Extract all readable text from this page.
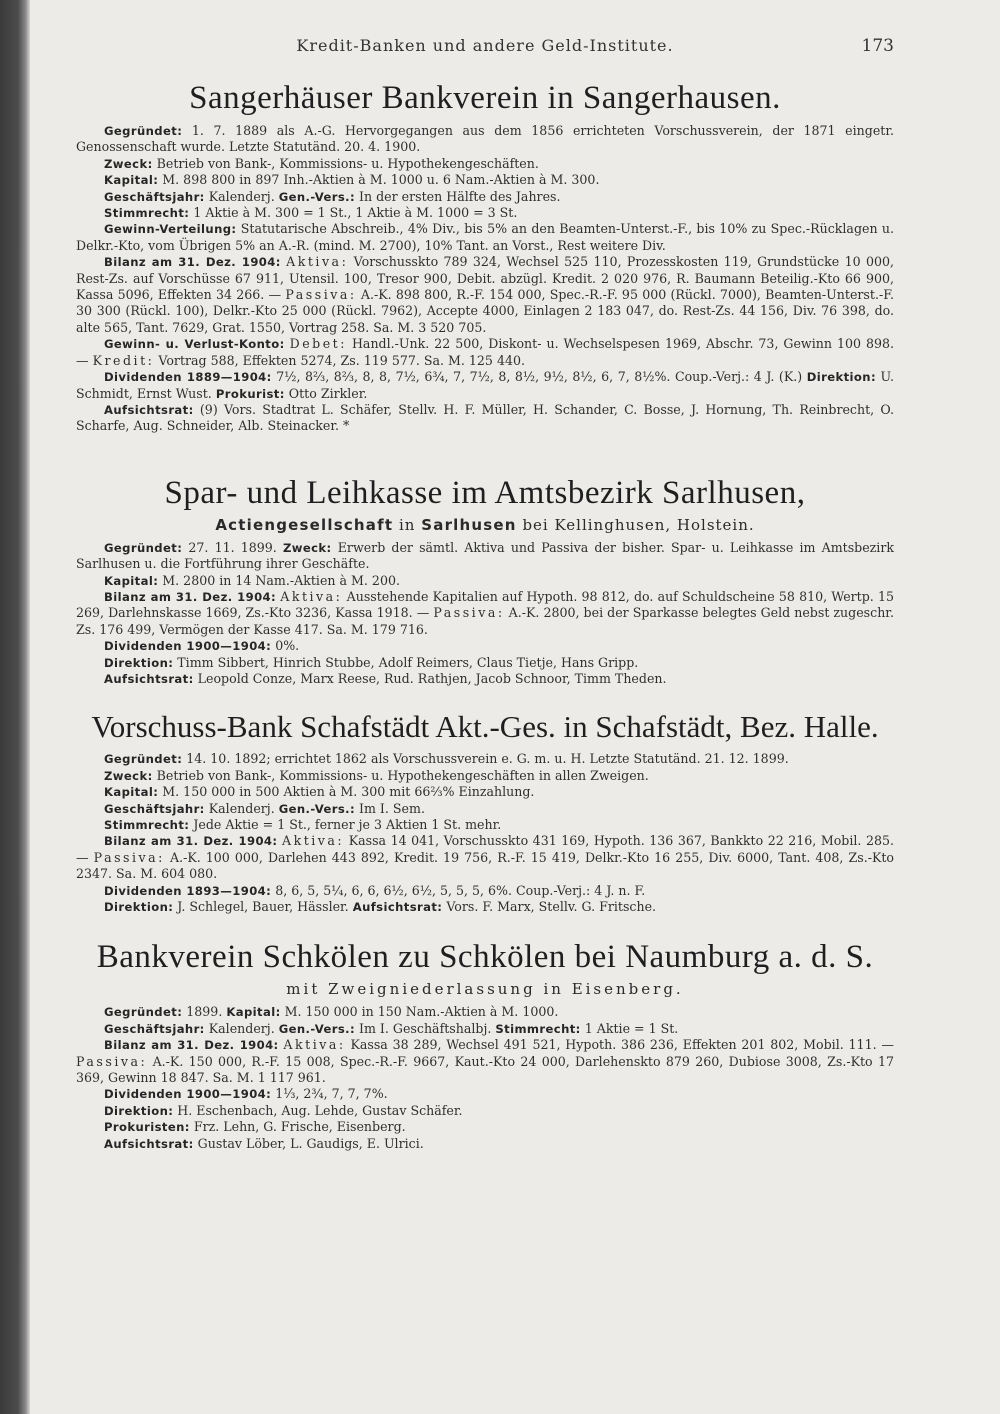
Kredit-Banken und andere Geld-Institute.	173
Sangerhäuser Bankverein in Sangerhausen.

Gegründet: 1. 7. 1889 als A.-G. Hervorgegangen aus dem 1856 errichteten Vorschussverein, der 1871 eingetr. Genossenschaft wurde. Letzte Statutänd. 20. 4. 1900.

Zweck: Betrieb von Bank-, Kommissions- u. Hypothekengeschäften.

Kapital: M. 898 800 in 897 Inh.-Aktien à M. 1000 u. 6 Nam.-Aktien à M. 300.

Geschäftsjahr: Kalenderj. Gen.-Vers.: In der ersten Hälfte des Jahres.

Stimmrecht: 1 Aktie à M. 300 = 1 St., 1 Aktie à M. 1000 = 3 St.

Gewinn-Verteilung: Statutarische Abschreib., 4% Div., bis 5% an den Beamten-Unterst.-F., bis 10% zu Spec.-Rücklagen u. Delkr.-Kto, vom Übrigen 5% an A.-R. (mind. M. 2700), 10% Tant. an Vorst., Rest weitere Div.

Bilanz am 31. Dez. 1904: Aktiva: Vorschusskto 789 324, Wechsel 525 110, Prozesskosten 119, Grundstücke 10 000, Rest-Zs. auf Vorschüsse 67 911, Utensil. 100, Tresor 900, Debit. abzügl. Kredit. 2 020 976, R. Baumann Beteilig.-Kto 66 900, Kassa 5096, Effekten 34 266. — Passiva: A.-K. 898 800, R.-F. 154 000, Spec.-R.-F. 95 000 (Rückl. 7000), Beamten-Unterst.-F. 30 300 (Rückl. 100), Delkr.-Kto 25 000 (Rückl. 7962), Accepte 4000, Einlagen 2 183 047, do. Rest-Zs. 44 156, Div. 76 398, do. alte 565, Tant. 7629, Grat. 1550, Vortrag 258. Sa. M. 3 520 705.

Gewinn- u. Verlust-Konto: Debet: Handl.-Unk. 22 500, Diskont- u. Wechselspesen 1969, Abschr. 73, Gewinn 100 898. — Kredit: Vortrag 588, Effekten 5274, Zs. 119 577. Sa. M. 125 440.

Dividenden 1889—1904: 7½, 8⅔, 8⅔, 8, 8, 7½, 6¾, 7, 7½, 8, 8½, 9½, 8½, 6, 7, 8½%. Coup.-Verj.: 4 J. (K.) Direktion: U. Schmidt, Ernst Wust. Prokurist: Otto Zirkler.

Aufsichtsrat: (9) Vors. Stadtrat L. Schäfer, Stellv. H. F. Müller, H. Schander, C. Bosse, J. Hornung, Th. Reinbrecht, O. Scharfe, Aug. Schneider, Alb. Steinacker. *

Spar- und Leihkasse im Amtsbezirk Sarlhusen,
Actiengesellschaft in Sarlhusen bei Kellinghusen, Holstein.

Gegründet: 27. 11. 1899. Zweck: Erwerb der sämtl. Aktiva und Passiva der bisher. Spar- u. Leihkasse im Amtsbezirk Sarlhusen u. die Fortführung ihrer Geschäfte.

Kapital: M. 2800 in 14 Nam.-Aktien à M. 200.

Bilanz am 31. Dez. 1904: Aktiva: Ausstehende Kapitalien auf Hypoth. 98 812, do. auf Schuldscheine 58 810, Wertp. 15 269, Darlehnskasse 1669, Zs.-Kto 3236, Kassa 1918. — Passiva: A.-K. 2800, bei der Sparkasse belegtes Geld nebst zugeschr. Zs. 176 499, Vermögen der Kasse 417. Sa. M. 179 716.

Dividenden 1900—1904: 0%.

Direktion: Timm Sibbert, Hinrich Stubbe, Adolf Reimers, Claus Tietje, Hans Gripp.

Aufsichtsrat: Leopold Conze, Marx Reese, Rud. Rathjen, Jacob Schnoor, Timm Theden.

Vorschuss-Bank Schafstädt Akt.-Ges. in Schafstädt, Bez. Halle.

Gegründet: 14. 10. 1892; errichtet 1862 als Vorschussverein e. G. m. u. H. Letzte Statutänd. 21. 12. 1899.

Zweck: Betrieb von Bank-, Kommissions- u. Hypothekengeschäften in allen Zweigen.

Kapital: M. 150 000 in 500 Aktien à M. 300 mit 66⅔% Einzahlung.

Geschäftsjahr: Kalenderj. Gen.-Vers.: Im I. Sem.

Stimmrecht: Jede Aktie = 1 St., ferner je 3 Aktien 1 St. mehr.

Bilanz am 31. Dez. 1904: Aktiva: Kassa 14 041, Vorschusskto 431 169, Hypoth. 136 367, Bankkto 22 216, Mobil. 285. — Passiva: A.-K. 100 000, Darlehen 443 892, Kredit. 19 756, R.-F. 15 419, Delkr.-Kto 16 255, Div. 6000, Tant. 408, Zs.-Kto 2347. Sa. M. 604 080.

Dividenden 1893—1904: 8, 6, 5, 5¼, 6, 6, 6½, 6½, 5, 5, 5, 6%. Coup.-Verj.: 4 J. n. F.

Direktion: J. Schlegel, Bauer, Hässler. Aufsichtsrat: Vors. F. Marx, Stellv. G. Fritsche.

Bankverein Schkölen zu Schkölen bei Naumburg a. d. S.
mit Zweigniederlassung in Eisenberg.

Gegründet: 1899. Kapital: M. 150 000 in 150 Nam.-Aktien à M. 1000.

Geschäftsjahr: Kalenderj. Gen.-Vers.: Im I. Geschäftshalbj. Stimmrecht: 1 Aktie = 1 St.

Bilanz am 31. Dez. 1904: Aktiva: Kassa 38 289, Wechsel 491 521, Hypoth. 386 236, Effekten 201 802, Mobil. 111. — Passiva: A.-K. 150 000, R.-F. 15 008, Spec.-R.-F. 9667, Kaut.-Kto 24 000, Darlehenskto 879 260, Dubiose 3008, Zs.-Kto 17 369, Gewinn 18 847. Sa. M. 1 117 961.

Dividenden 1900—1904: 1⅓, 2¾, 7, 7, 7%.

Direktion: H. Eschenbach, Aug. Lehde, Gustav Schäfer.

Prokuristen: Frz. Lehn, G. Frische, Eisenberg.

Aufsichtsrat: Gustav Löber, L. Gaudigs, E. Ulrici.
